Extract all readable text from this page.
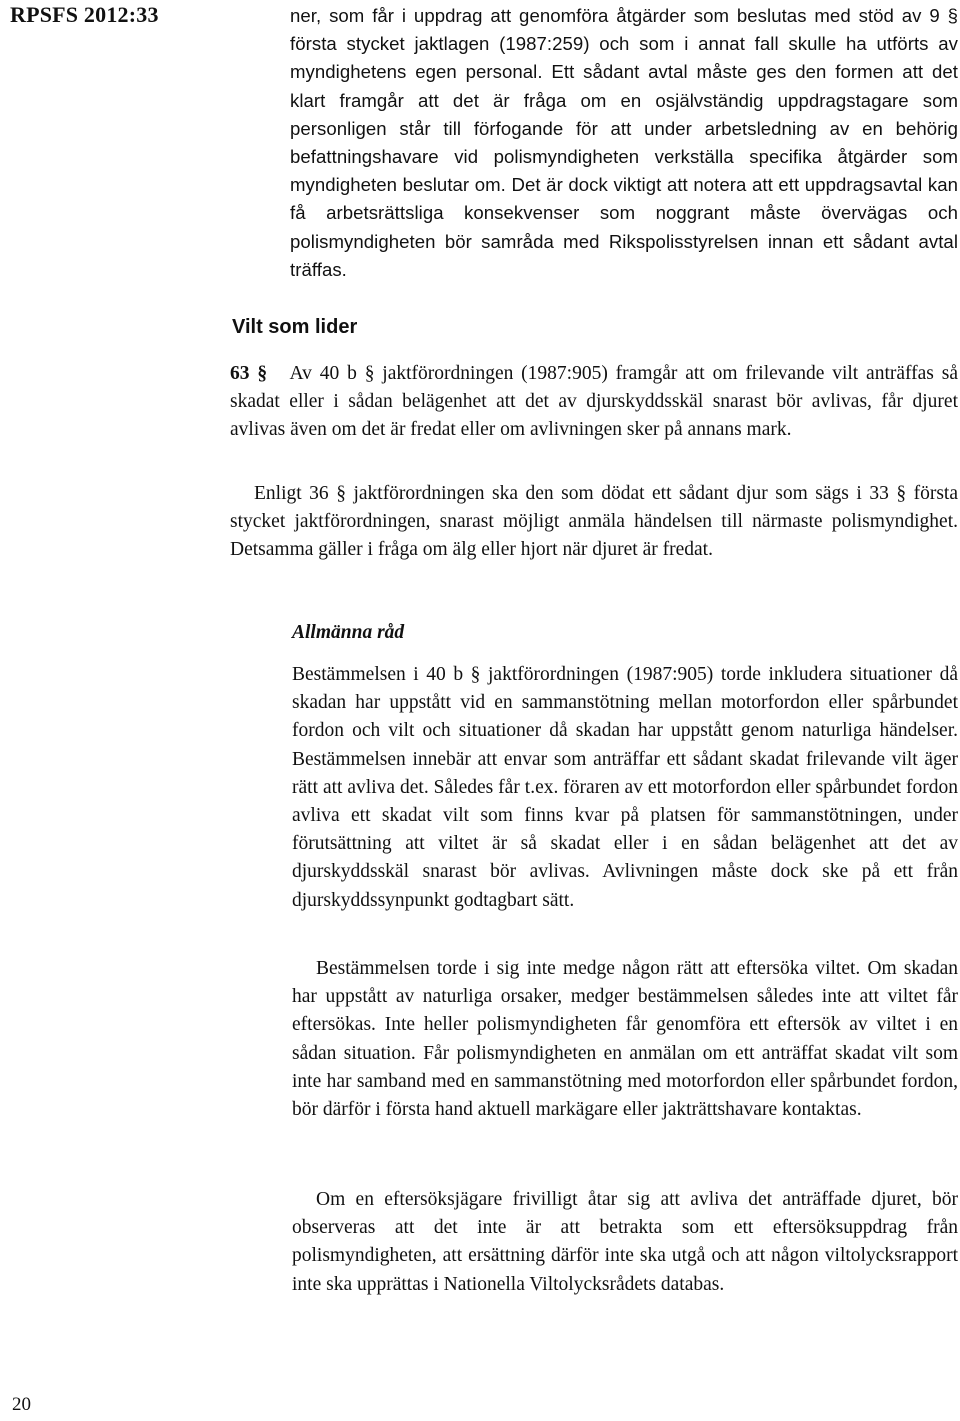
RPSFS 2012:33	ner, som får i uppdrag att genomföra åtgärder som beslutas med stöd av 9 § första stycket jaktlagen (1987:259) och som i annat fall skulle ha utförts av myndighetens egen personal. Ett sådant avtal måste ges den formen att det klart framgår att det är fråga om en osjälvständig uppdragstagare som personligen står till förfogande för att under arbetsledning av en behörig befattningshavare vid polismyndigheten verkställa specifika åtgärder som myndigheten beslutar om. Det är dock viktigt att notera att ett uppdragsavtal kan få arbetsrättsliga konsekvenser som noggrant måste övervägas och polismyndigheten bör samråda med Rikspolisstyrelsen innan ett sådant avtal träffas.

Vilt som lider

63 § Av 40 b § jaktförordningen (1987:905) framgår att om frilevande vilt anträffas så skadat eller i sådan belägenhet att det av djurskyddsskäl snarast bör avlivas, får djuret avlivas även om det är fredat eller om avlivningen sker på annans mark.

Enligt 36 § jaktförordningen ska den som dödat ett sådant djur som sägs i 33 § första stycket jaktförordningen, snarast möjligt anmäla händelsen till närmaste polismyndighet. Detsamma gäller i fråga om älg eller hjort när djuret är fredat.

Allmänna råd

Bestämmelsen i 40 b § jaktförordningen (1987:905) torde inkludera situationer då skadan har uppstått vid en sammanstötning mellan motorfordon eller spårbundet fordon och vilt och situationer då skadan har uppstått genom naturliga händelser. Bestämmelsen innebär att envar som anträffar ett sådant skadat frilevande vilt äger rätt att avliva det. Således får t.ex. föraren av ett motorfordon eller spårbundet fordon avliva ett skadat vilt som finns kvar på platsen för sammanstötningen, under förutsättning att viltet är så skadat eller i en sådan belägenhet att det av djurskyddsskäl snarast bör avlivas. Avlivningen måste dock ske på ett från djurskyddssynpunkt godtagbart sätt.

Bestämmelsen torde i sig inte medge någon rätt att eftersöka viltet. Om skadan har uppstått av naturliga orsaker, medger bestämmelsen således inte att viltet får eftersökas. Inte heller polismyndigheten får genomföra ett eftersök av viltet i en sådan situation. Får polismyndigheten en anmälan om ett anträffat skadat vilt som inte har samband med en sammanstötning med motorfordon eller spårbundet fordon, bör därför i första hand aktuell markägare eller jakträttshavare kontaktas.

Om en eftersöksjägare frivilligt åtar sig att avliva det anträffade djuret, bör observeras att det inte är att betrakta som ett eftersöksuppdrag från polismyndigheten, att ersättning därför inte ska utgå och att någon viltolycksrapport inte ska upprättas i Nationella Viltolycksrådets databas.

20
